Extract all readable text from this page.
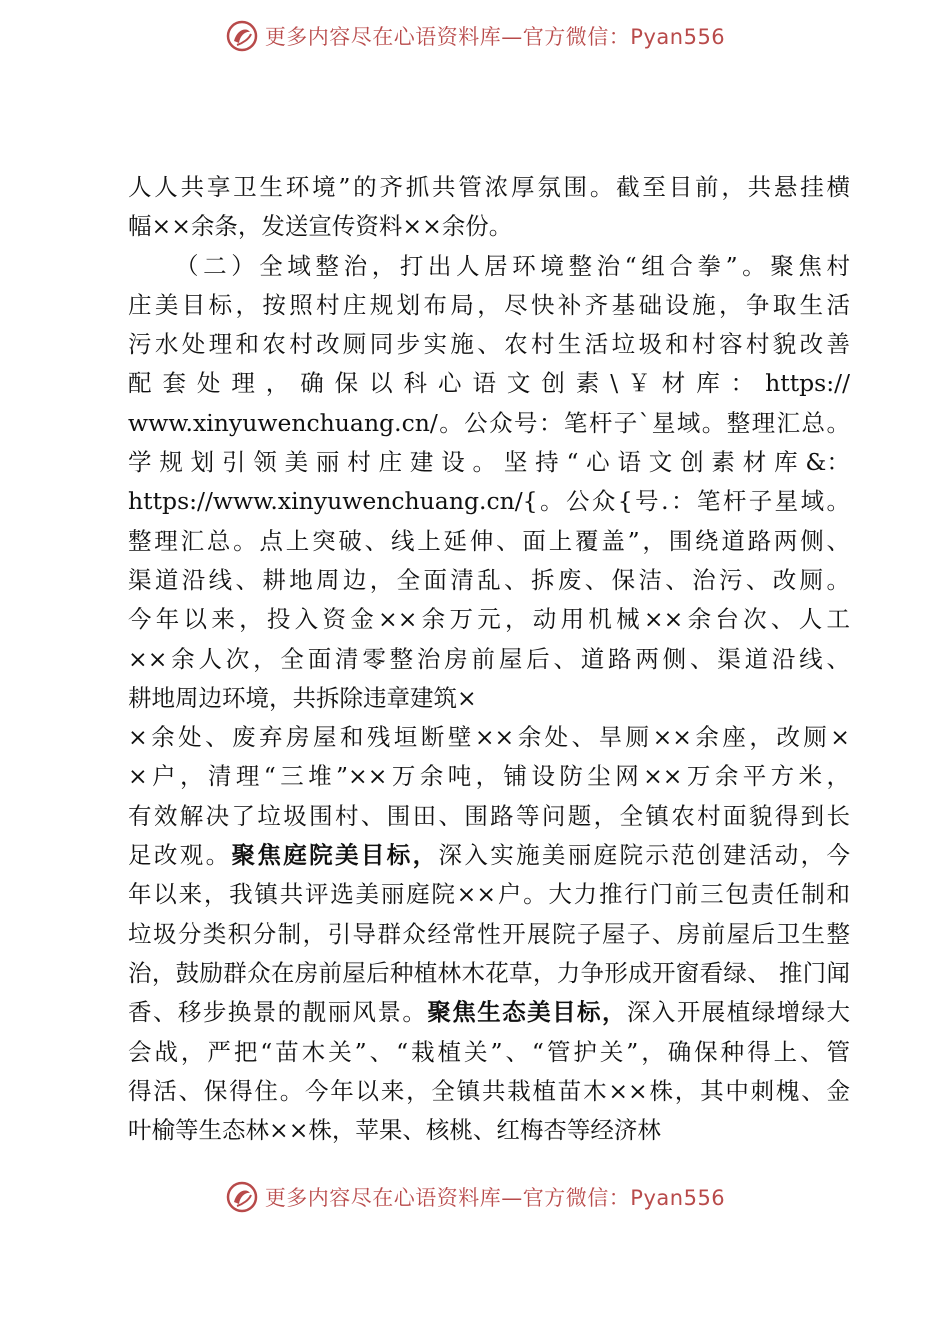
更多内容尽在心语资料库—官方微信：Pyan556
人人共享卫生环境”的齐抓共管浓厚氛围。截至目前，共悬挂横
幅××余条，发送宣传资料××余份。
（二）全域整治，打出人居环境整治“组合拳”。聚焦村
庄美目标，按照村庄规划布局，尽快补齐基础设施，争取生活
污水处理和农村改厕同步实施、农村生活垃圾和村容村貌改善
配 套 处 理 ， 确 保 以 科 心 语 文 创 素 \ ￥ 材 库 ： https://
www.xinyuwenchuang.cn/。公众号：笔杆子`星域。整理汇总。
学 规 划 引 领 美 丽 村 庄 建 设 。 坚 持 “ 心 语 文 创 素 材 库 &：
https://www.xinyuwenchuang.cn/{。公众{号.：笔杆子星域。
整理汇总。点上突破、线上延伸、面上覆盖”，围绕道路两侧、
渠道沿线、耕地周边，全面清乱、拆废、保洁、治污、改厕。
今年以来，投入资金××余万元，动用机械××余台次、人工
××余人次，全面清零整治房前屋后、道路两侧、渠道沿线、
耕地周边环境，共拆除违章建筑×
×余处、废弃房屋和残垣断壁××余处、旱厕××余座，改厕×
×户，清理“三堆”××万余吨，铺设防尘网××万余平方米，
有效解决了垃圾围村、围田、围路等问题，全镇农村面貌得到长
足改观。聚焦庭院美目标，深入实施美丽庭院示范创建活动，今
年以来，我镇共评选美丽庭院××户。大力推行门前三包责任制和
垃圾分类积分制，引导群众经常性开展院子屋子、房前屋后卫生整
治，鼓励群众在房前屋后种植林木花草，力争形成开窗看绿、 推门闻
香、移步换景的靓丽风景。聚焦生态美目标，深入开展植绿增绿大
会战，严把“苗木关”、“栽植关”、“管护关”，确保种得上、管
得活、保得住。今年以来，全镇共栽植苗木××株，其中刺槐、金
叶榆等生态林××株，苹果、核桃、红梅杏等经济林
更多内容尽在心语资料库—官方微信：Pyan556
